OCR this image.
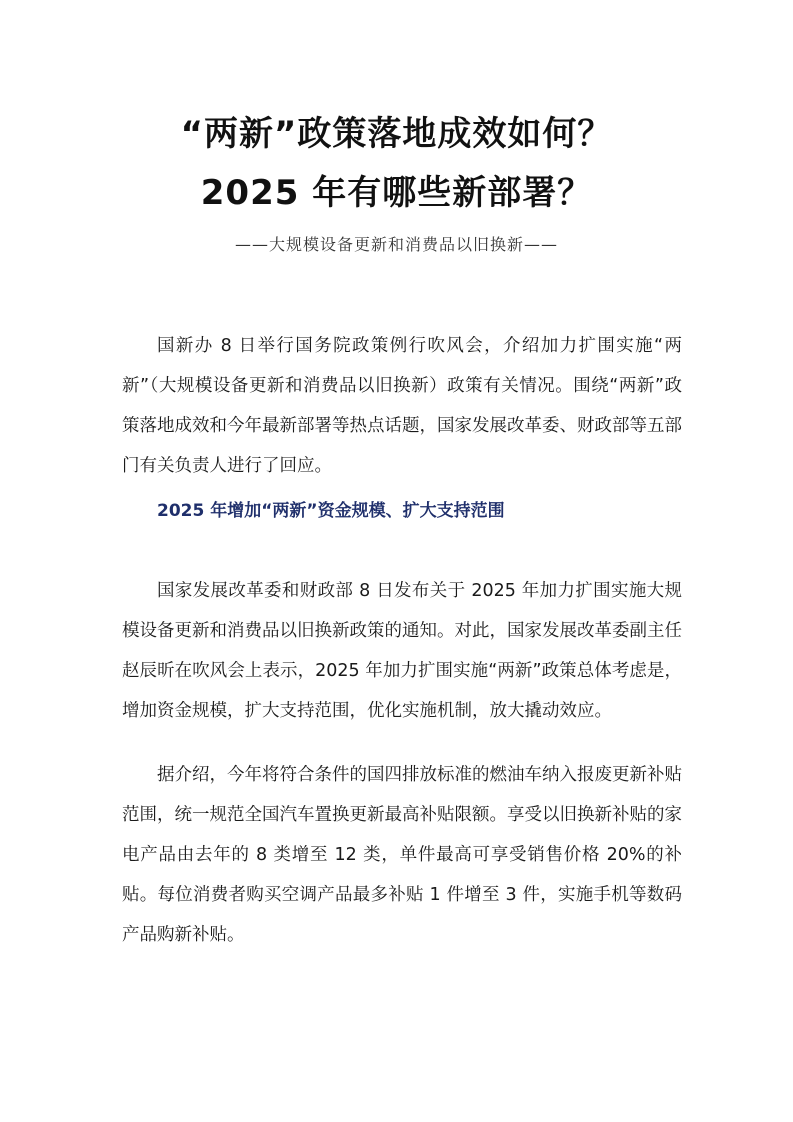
“两新”政策落地成效如何？
2025 年有哪些新部署？
——大规模设备更新和消费品以旧换新——

国新办 8 日举行国务院政策例行吹风会，介绍加力扩围实施“两新”（大规模设备更新和消费品以旧换新）政策有关情况。围绕“两新”政策落地成效和今年最新部署等热点话题，国家发展改革委、财政部等五部门有关负责人进行了回应。

2025 年增加“两新”资金规模、扩大支持范围

国家发展改革委和财政部 8 日发布关于 2025 年加力扩围实施大规模设备更新和消费品以旧换新政策的通知。对此，国家发展改革委副主任赵辰昕在吹风会上表示，2025 年加力扩围实施“两新”政策总体考虑是，增加资金规模，扩大支持范围，优化实施机制，放大撬动效应。

据介绍，今年将符合条件的国四排放标准的燃油车纳入报废更新补贴范围，统一规范全国汽车置换更新最高补贴限额。享受以旧换新补贴的家电产品由去年的 8 类增至 12 类，单件最高可享受销售价格 20%的补贴。每位消费者购买空调产品最多补贴 1 件增至 3 件，实施手机等数码产品购新补贴。
